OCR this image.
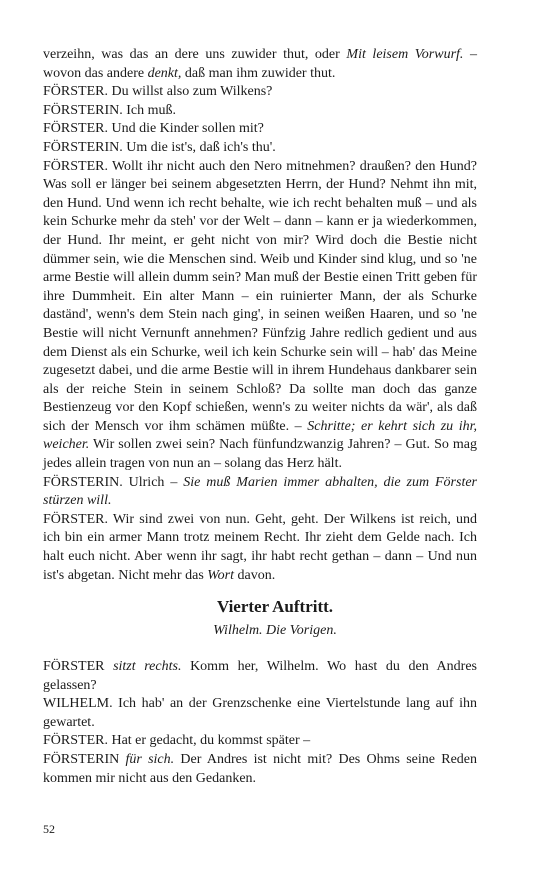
verzeihn, was das an dere uns zuwider thut, oder Mit leisem Vorwurf. – wovon das andere denkt, daß man ihm zuwider thut.

FÖRSTER. Du willst also zum Wilkens?

FÖRSTERIN. Ich muß.

FÖRSTER. Und die Kinder sollen mit?

FÖRSTERIN. Um die ist's, daß ich's thu'.

FÖRSTER. Wollt ihr nicht auch den Nero mitnehmen? draußen? den Hund? Was soll er länger bei seinem abgesetzten Herrn, der Hund? Nehmt ihn mit, den Hund. Und wenn ich recht behalte, wie ich recht behalten muß – und als kein Schurke mehr da steh' vor der Welt – dann – kann er ja wiederkommen, der Hund. Ihr meint, er geht nicht von mir? Wird doch die Bestie nicht dümmer sein, wie die Menschen sind. Weib und Kinder sind klug, und so 'ne arme Bestie will allein dumm sein? Man muß der Bestie einen Tritt geben für ihre Dummheit. Ein alter Mann – ein ruinierter Mann, der als Schurke daständ', wenn's dem Stein nach ging', in seinen weißen Haaren, und so 'ne Bestie will nicht Vernunft annehmen? Fünfzig Jahre redlich gedient und aus dem Dienst als ein Schurke, weil ich kein Schurke sein will – hab' das Meine zugesetzt dabei, und die arme Bestie will in ihrem Hundehaus dankbarer sein als der reiche Stein in seinem Schloß? Da sollte man doch das ganze Bestienzeug vor den Kopf schießen, wenn's zu weiter nichts da wär', als daß sich der Mensch vor ihm schämen müßte. – Schritte; er kehrt sich zu ihr, weicher. Wir sollen zwei sein? Nach fünfundzwanzig Jahren? – Gut. So mag jedes allein tragen von nun an – solang das Herz hält.

FÖRSTERIN. Ulrich – Sie muß Marien immer abhalten, die zum Förster stürzen will.

FÖRSTER. Wir sind zwei von nun. Geht, geht. Der Wilkens ist reich, und ich bin ein armer Mann trotz meinem Recht. Ihr zieht dem Gelde nach. Ich halt euch nicht. Aber wenn ihr sagt, ihr habt recht gethan – dann – Und nun ist's abgetan. Nicht mehr das Wort davon.

Vierter Auftritt.

Wilhelm. Die Vorigen.

FÖRSTER sitzt rechts. Komm her, Wilhelm. Wo hast du den Andres gelassen?

WILHELM. Ich hab' an der Grenzschenke eine Viertelstunde lang auf ihn gewartet.

FÖRSTER. Hat er gedacht, du kommst später –

FÖRSTERIN für sich. Der Andres ist nicht mit? Des Ohms seine Reden kommen mir nicht aus den Gedanken.

52
